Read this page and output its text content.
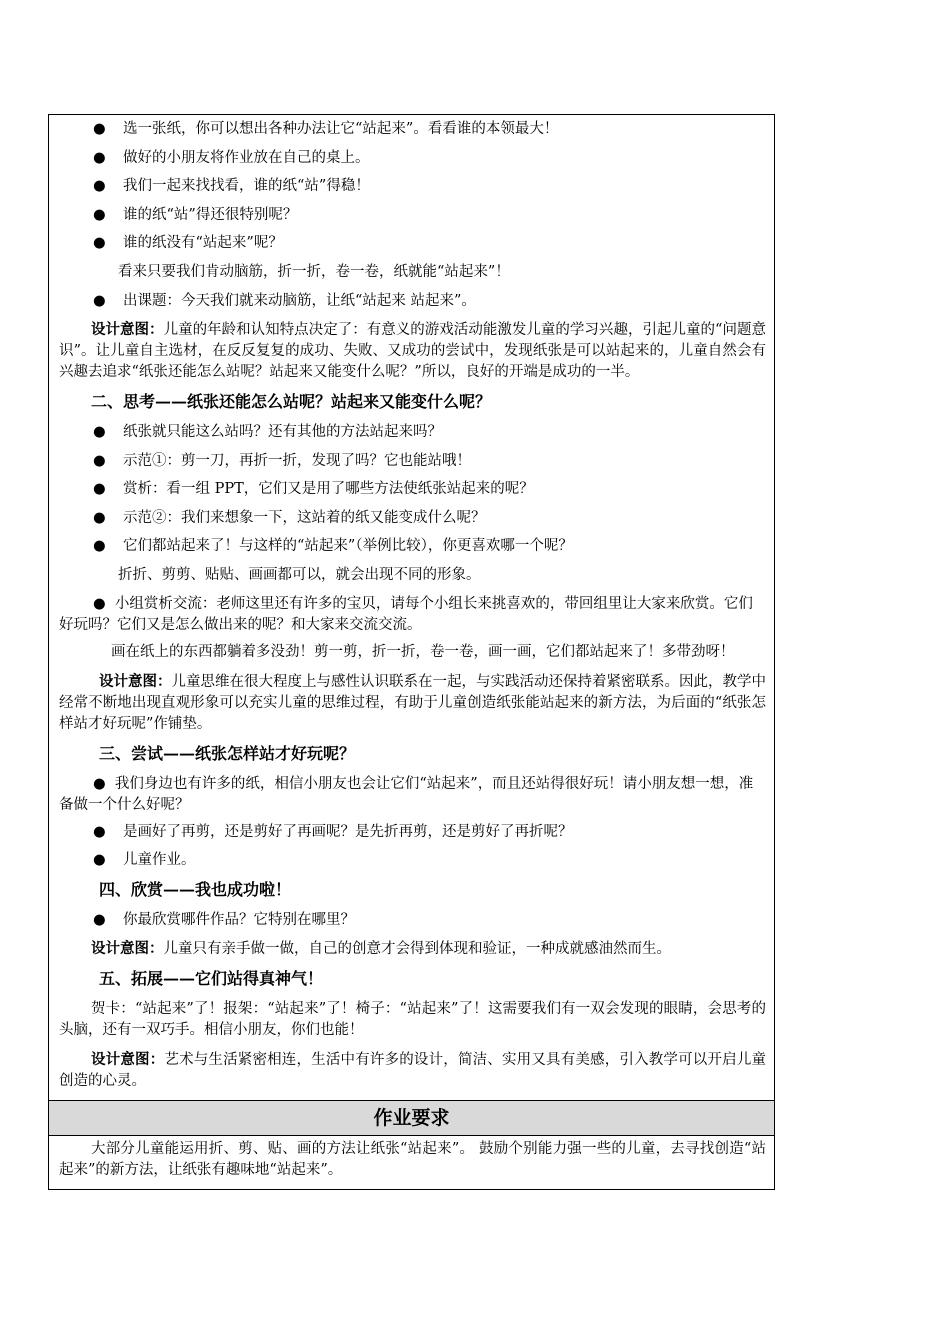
● 选一张纸，你可以想出各种办法让它“站起来”。看看谁的本领最大！
● 做好的小朋友将作业放在自己的桌上。
● 我们一起来找找看，谁的纸“站”得稳！
● 谁的纸“站”得还很特别呢？
● 谁的纸没有“站起来”呢？
看来只要我们肯动脑筋，折一折，卷一卷，纸就能“站起来”！
● 出课题：今天我们就来动脑筋，让纸“站起来 站起来”。

设计意图：儿童的年龄和认知特点决定了：有意义的游戏活动能激发儿童的学习兴趣，引起儿童的“问题意识”。让儿童自主选材，在反反复复的成功、失败、又成功的尝试中，发现纸张是可以站起来的，儿童自然会有兴趣去追求“纸张还能怎么站呢？站起来又能变什么呢？”所以，良好的开端是成功的一半。

二、思考——纸张还能怎么站呢？站起来又能变什么呢？
● 纸张就只能这么站吗？还有其他的方法站起来吗？
● 示范①：剪一刀，再折一折，发现了吗？它也能站哦！
● 赏析：看一组 PPT，它们又是用了哪些方法使纸张站起来的呢？
● 示范②：我们来想象一下，这站着的纸又能变成什么呢？
● 它们都站起来了！与这样的“站起来”（举例比较），你更喜欢哪一个呢？
折折、剪剪、贴贴、画画都可以，就会出现不同的形象。

● 小组赏析交流：老师这里还有许多的宝贝，请每个小组长来挑喜欢的，带回组里让大家来欣赏。它们好玩吗？它们又是怎么做出来的呢？和大家来交流交流。

画在纸上的东西都躺着多没劲！剪一剪，折一折，卷一卷，画一画，它们都站起来了！多带劲呀！

设计意图：儿童思维在很大程度上与感性认识联系在一起，与实践活动还保持着紧密联系。因此，教学中经常不断地出现直观形象可以充实儿童的思维过程，有助于儿童创造纸张能站起来的新方法，为后面的“纸张怎样站才好玩呢”作铺垫。

三、尝试——纸张怎样站才好玩呢？

● 我们身边也有许多的纸，相信小朋友也会让它们“站起来”，而且还站得很好玩！请小朋友想一想，准备做一个什么好呢？

● 是画好了再剪，还是剪好了再画呢？是先折再剪，还是剪好了再折呢？
● 儿童作业。
四、欣赏——我也成功啦！
● 你最欣赏哪件作品？它特别在哪里？

设计意图：儿童只有亲手做一做，自己的创意才会得到体现和验证，一种成就感油然而生。

五、拓展——它们站得真神气！

贺卡：“站起来”了！报架：“站起来”了！椅子：“站起来”了！这需要我们有一双会发现的眼睛，会思考的头脑，还有一双巧手。相信小朋友，你们也能！

设计意图：艺术与生活紧密相连，生活中有许多的设计，简洁、实用又具有美感，引入教学可以开启儿童创造的心灵。

作业要求

大部分儿童能运用折、剪、贴、画的方法让纸张“站起来”。 鼓励个别能力强一些的儿童，去寻找创造“站起来”的新方法，让纸张有趣味地“站起来”。
